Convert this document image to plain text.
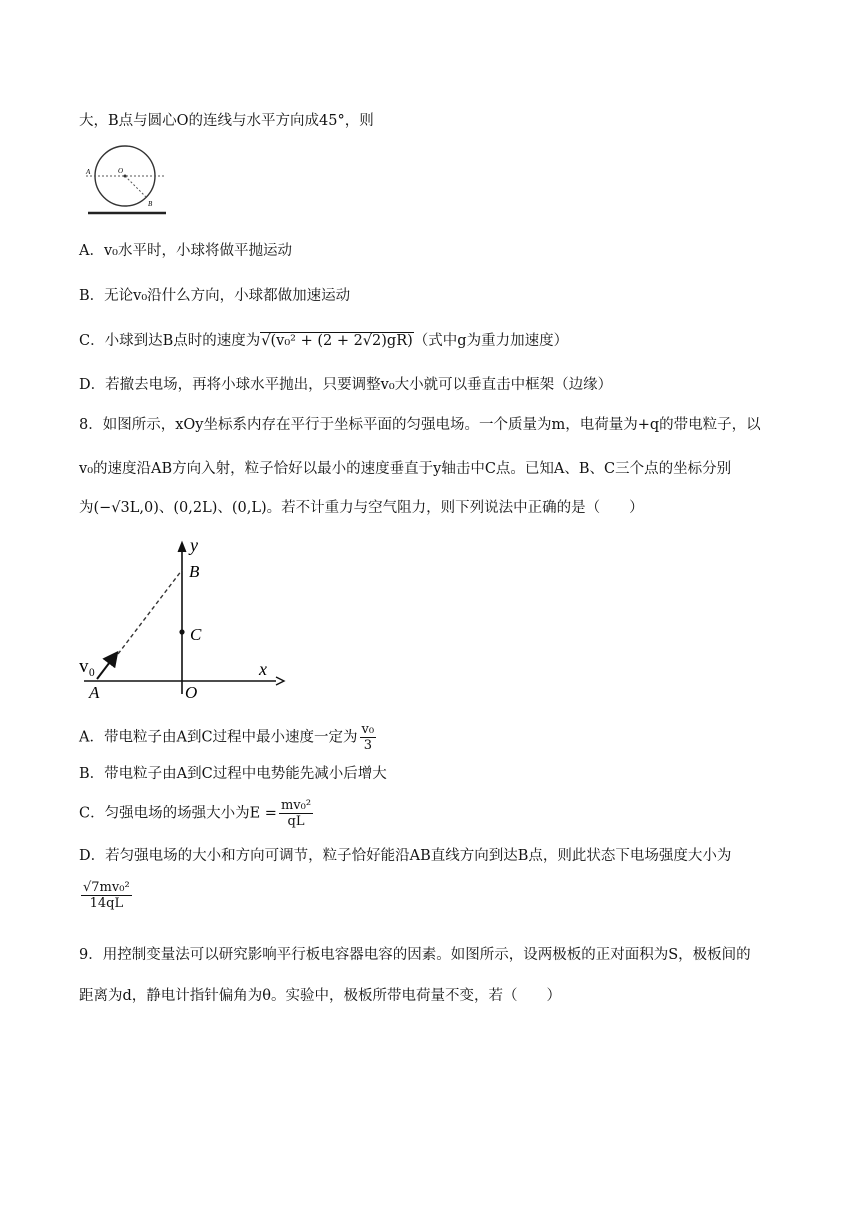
大，B点与圆心O的连线与水平方向成45°，则
A	O
B
A．v₀水平时，小球将做平抛运动
B．无论v₀沿什么方向，小球都做加速运动
C．小球到达B点时的速度为√(v₀² + (2 + 2√2)gR)（式中g为重力加速度）
D．若撤去电场，再将小球水平抛出，只要调整v₀大小就可以垂直击中框架（边缘）
8．如图所示，xOy坐标系内存在平行于坐标平面的匀强电场。一个质量为m，电荷量为+q的带电粒子，以
v₀的速度沿AB方向入射，粒子恰好以最小的速度垂直于y轴击中C点。已知A、B、C三个点的坐标分别
为(−√3L,0)、(0,2L)、(0,L)。若不计重力与空气阻力，则下列说法中正确的是（　　）
y
B
C
x
O
A
v₀
A．带电粒子由A到C过程中最小速度一定为 $\frac{\text{v₀}}{3}$
B．带电粒子由A到C过程中电势能先减小后增大
C．匀强电场的场强大小为$E = \frac{\text{mv₀²}}{qL}$
D．若匀强电场的大小和方向可调节，粒子恰好能沿AB直线方向到达B点，则此状态下电场强度大小为
$\frac{\text{√7mv₀²}}{14qL}$
9．用控制变量法可以研究影响平行板电容器电容的因素。如图所示，设两极板的正对面积为S，极板间的
距离为d，静电计指针偏角为θ。实验中，极板所带电荷量不变，若（　　）
